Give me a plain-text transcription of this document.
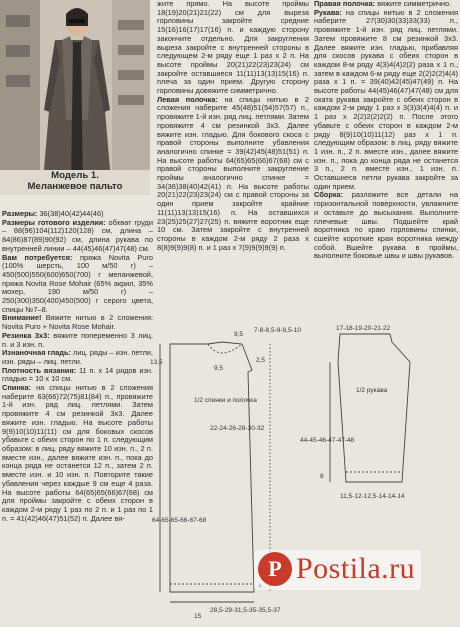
Модель 1.
Меланжевое пальто

Размеры: 36(38)40(42)44(46)

Размеры готового изделия: обхват груди – 88(96)104(112)120(128) см, длина – 84(86)87(89)90(92) см, длина рукава по внутренней линии – 44(45)46(47)47(48) см.

Вам потребуется: пряжа Novita Puro (100% шерсть, 100 м/50 г) – 450(500)550(600)650(700) г меланжевой, пряжа Novita Rose Mohair (65% акрил, 35% мохер, 190 м/50 г) – 250(300)350(400)450(500) г серого цвета, спицы №7–8.

Внимание! Вяжите нитью в 2 сложения: Novita Puro + Novita Rose Mohair.

Резинка 3x3: вяжите попеременно 3 лиц. п. и 3 изн. п.

Изнаночная гладь: лиц. ряды – изн. петли, изн. ряды – лиц. петли.

Плотность вязания: 11 п. x 14 рядов изн. гладью = 10 x 10 см.

Спинка: на спицы нитью в 2 сложения наберите 63(66)72(75)81(84) п., провяжите 1-й изн. ряд лиц. петлями. Затем провяжите 4 см резинкой 3x3. Далее вяжите изн. гладью. На высоте работы 9(9)10(10)11(11) см для боковых скосов убавьте с обеих сторон по 1 п. следующим образом: в лиц. ряду вяжите 10 изн. п., 2 п. вместе изн., далее вяжите изн. п., пока до конца ряда не останется 12 п., затем 2 п. вместе изн. и 10 изн. п. Повторите такие убавления через каждые 9 см еще 4 раза. На высоте работы 64(65)65(66)67(68) см для проймы закройте с обеих сторон в каждом 2-м ряду 1 раз по 2 п. и 1 раз по 1 п. = 41(42)46(47)51(52) п. Далее вя-

жите прямо. На высоте проймы 18(19)20(21)21(22) см для выреза горловины закройте средние 15(16)16(17)17(16) п. и каждую сторону закончите отдельно. Для закругления выреза закройте с внутренней стороны в следующем 2-м ряду еще 1 раз x 2 п. На высоте проймы 20(21)22(23)23(24) см закройте оставшиеся 11(11)13(13)15(16) п. плеча за один прием. Другую сторону горловины довяжите симметрично.

Левая полочка: на спицы нитью в 2 сложения наберите 45(48)51(54)57(57) п., провяжите 1-й изн. ряд лиц. петлями. Затем провяжите 4 см резинкой 3x3. Далее вяжите изн. гладью. Для бокового скоса с правой стороны выполните убавления аналогично спинке = 39(42)45(48)51(51) п. На высоте работы 64(65)65(66)67(68) см с правой стороны выполните закругление проймы аналогично спинке = 34(36)38(40)42(41) п. На высоте работы 20(21)22(23)23(24) см с правой стороны за один прием закройте крайние 11(11)13(13)15(16) п. На оставшихся 23(25)25(27)27(25) п. вяжите воротник еще 10 см. Затем закройте с внутренней стороны в каждом 2-м ряду 2 раза x 8(8)9(9)9(8) п. и 1 раз x 7(9)9(9)9(9) п.

Правая полочка: вяжите симметрично.

Рукава: на спицы нитью в 2 сложения наберите 27(30)30(33)33(33) п., провяжите 1-й изн. ряд лиц. петлями. Затем провяжите 8 см резинкой 3x3. Далее вяжите изн. гладью, прибавляя для скосов рукава с обеих сторон в каждом 8-м ряду 4(3)4(4)2(2) раза x 1 п., затем в каждом 6-м ряду еще 2(2)2(2)4(4) раза x 1 п. = 39(40)42(45)47(49) п. На высоте работы 44(45)46(47)47(48) см для оката рукава закройте с обеих сторон в каждом 2-м ряду 1 раз x 3(3)3(4)4(4) п. и 1 раз x 2(2)2(2)2(2) п. После этого убавьте с обеих сторон в каждом 2-м ряду 8(9)10(10)11(12) раз x 1 п. следующим образом: в лиц. ряду вяжите 1 изн. п., 2 п. вместе изн., далее вяжите изн. п., пока до конца ряда не останется 3 п., 2 п. вместе изн., 1 изн. п. Оставшиеся петли рукава закройте за один прием.

Сборка: разложите все детали на горизонтальной поверхности, увлажните и оставьте до высыхания. Выполните плечевые швы. Подшейте край воротника по краю горловины спинки, сшейте короткие края воротника между собой. Вшейте рукава в проймы, выполните боковые швы и швы рукавов.

9,5
7-8-8,5-9-9,5-10
13,5
9,5
2,5
1/2 спинки и полочка
22-24-26-28-30-32
64-65-65-66-67-68
28,5-29-31,5-35-35,5-37
15
1/2 рукава
17-18-19-20-21-22
11,5-12-12,5-14-14-14
44-45-46-47-47-48
8
P Postila.ru
